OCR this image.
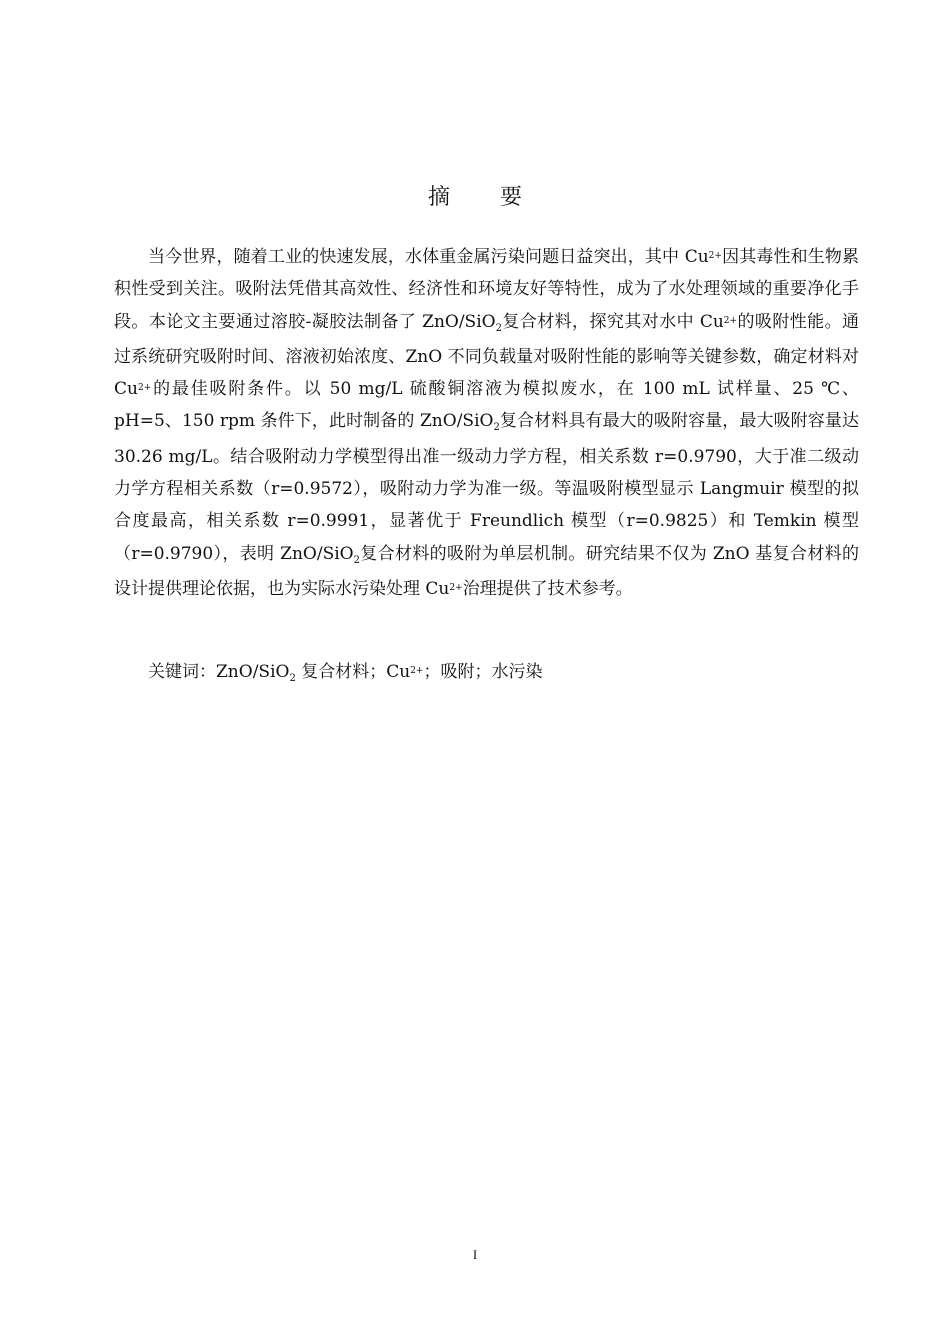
摘 要

当今世界，随着工业的快速发展，水体重金属污染问题日益突出，其中 $Cu^{2+}$因其毒性和生物累积性受到关注。吸附法凭借其高效性、经济性和环境友好等特性，成为了水处理领域的重要净化手段。本论文主要通过溶胶-凝胶法制备了 ZnO/SiO$_2$复合材料，探究其对水中 $Cu^{2+}$的吸附性能。通过系统研究吸附时间、溶液初始浓度、ZnO 不同负载量对吸附性能的影响等关键参数，确定材料对 $Cu^{2+}$的最佳吸附条件。以 50 mg/L 硫酸铜溶液为模拟废水，在 100 mL 试样量、25 ℃、pH=5、150 rpm 条件下，此时制备的 ZnO/SiO$_2$复合材料具有最大的吸附容量，最大吸附容量达 30.26 mg/L。结合吸附动力学模型得出准一级动力学方程，相关系数 r=0.9790，大于准二级动力学方程相关系数（r=0.9572），吸附动力学为准一级。等温吸附模型显示 Langmuir 模型的拟合度最高，相关系数 r=0.9991，显著优于 Freundlich 模型（r=0.9825）和 Temkin 模型（r=0.9790），表明 ZnO/SiO$_2$复合材料的吸附为单层机制。研究结果不仅为 ZnO 基复合材料的设计提供理论依据，也为实际水污染处理 $Cu^{2+}$治理提供了技术参考。

关键词：ZnO/SiO$_2$ 复合材料；$Cu^{2+}$；吸附；水污染

I
